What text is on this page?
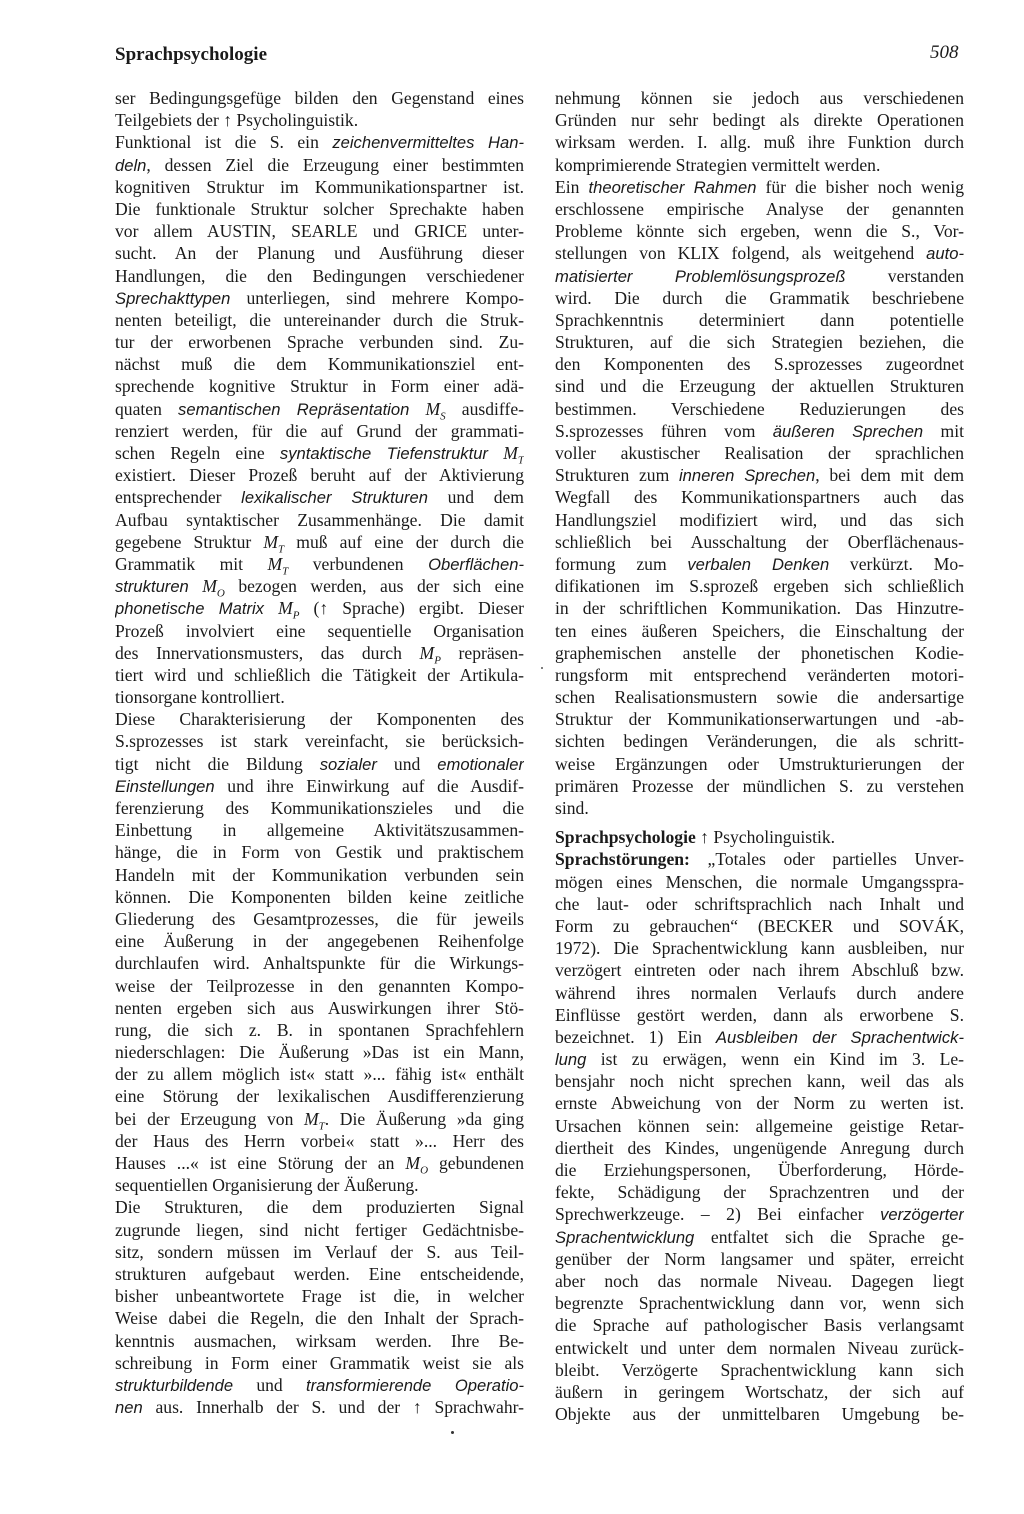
Sprachpsychologie	508
ser Bedingungsgefüge bilden den Gegenstand eines
Teilgebiets der ↑ Psycholinguistik.
Funktional ist die S. ein zeichenvermitteltes Han-
deln, dessen Ziel die Erzeugung einer bestimmten
kognitiven Struktur im Kommunikationspartner ist.
Die funktionale Struktur solcher Sprechakte haben
vor allem AUSTIN, SEARLE und GRICE unter-
sucht. An der Planung und Ausführung dieser
Handlungen, die den Bedingungen verschiedener
Sprechakttypen unterliegen, sind mehrere Kompo-
nenten beteiligt, die untereinander durch die Struk-
tur der erworbenen Sprache verbunden sind. Zu-
nächst muß die dem Kommunikationsziel ent-
sprechende kognitive Struktur in Form einer adä-
quaten semantischen Repräsentation $M_S$ ausdiffe-
renziert werden, für die auf Grund der grammati-
schen Regeln eine syntaktische Tiefenstruktur $M_T$
existiert. Dieser Prozeß beruht auf der Aktivierung
entsprechender lexikalischer Strukturen und dem
Aufbau syntaktischer Zusammenhänge. Die damit
gegebene Struktur $M_T$ muß auf eine der durch die
Grammatik mit $M_T$ verbundenen Oberflächen-
strukturen $M_O$ bezogen werden, aus der sich eine
phonetische Matrix $M_P$ (↑ Sprache) ergibt. Dieser
Prozeß involviert eine sequentielle Organisation
des Innervationsmusters, das durch $M_P$ repräsen-
tiert wird und schließlich die Tätigkeit der Artikula-
tionsorgane kontrolliert.
Diese Charakterisierung der Komponenten des
S.sprozesses ist stark vereinfacht, sie berücksich-
tigt nicht die Bildung sozialer und emotionaler
Einstellungen und ihre Einwirkung auf die Ausdif-
ferenzierung des Kommunikationszieles und die
Einbettung in allgemeine Aktivitätszusammen-
hänge, die in Form von Gestik und praktischem
Handeln mit der Kommunikation verbunden sein
können. Die Komponenten bilden keine zeitliche
Gliederung des Gesamtprozesses, die für jeweils
eine Äußerung in der angegebenen Reihenfolge
durchlaufen wird. Anhaltspunkte für die Wirkungs-
weise der Teilprozesse in den genannten Kompo-
nenten ergeben sich aus Auswirkungen ihrer Stö-
rung, die sich z. B. in spontanen Sprachfehlern
niederschlagen: Die Äußerung »Das ist ein Mann,
der zu allem möglich ist« statt »... fähig ist« enthält
eine Störung der lexikalischen Ausdifferenzierung
bei der Erzeugung von $M_T$. Die Äußerung »da ging
der Haus des Herrn vorbei« statt »... Herr des
Hauses ...« ist eine Störung der an $M_O$ gebundenen
sequentiellen Organisierung der Äußerung.
Die Strukturen, die dem produzierten Signal
zugrunde liegen, sind nicht fertiger Gedächtnisbe-
sitz, sondern müssen im Verlauf der S. aus Teil-
strukturen aufgebaut werden. Eine entscheidende,
bisher unbeantwortete Frage ist die, in welcher
Weise dabei die Regeln, die den Inhalt der Sprach-
kenntnis ausmachen, wirksam werden. Ihre Be-
schreibung in Form einer Grammatik weist sie als
strukturbildende und transformierende Operatio-
nen aus. Innerhalb der S. und der ↑ Sprachwahr-
nehmung können sie jedoch aus verschiedenen
Gründen nur sehr bedingt als direkte Operationen
wirksam werden. I. allg. muß ihre Funktion durch
komprimierende Strategien vermittelt werden.
Ein theoretischer Rahmen für die bisher noch wenig
erschlossene empirische Analyse der genannten
Probleme könnte sich ergeben, wenn die S., Vor-
stellungen von KLIX folgend, als weitgehend auto-
matisierter Problemlösungsprozeß verstanden
wird. Die durch die Grammatik beschriebene
Sprachkenntnis determiniert dann potentielle
Strukturen, auf die sich Strategien beziehen, die
den Komponenten des S.sprozesses zugeordnet
sind und die Erzeugung der aktuellen Strukturen
bestimmen. Verschiedene Reduzierungen des
S.sprozesses führen vom äußeren Sprechen mit
voller akustischer Realisation der sprachlichen
Strukturen zum inneren Sprechen, bei dem mit dem
Wegfall des Kommunikationspartners auch das
Handlungsziel modifiziert wird, und das sich
schließlich bei Ausschaltung der Oberflächenaus-
formung zum verbalen Denken verkürzt. Mo-
difikationen im S.sprozeß ergeben sich schließlich
in der schriftlichen Kommunikation. Das Hinzutre-
ten eines äußeren Speichers, die Einschaltung der
graphemischen anstelle der phonetischen Kodie-
rungsform mit entsprechend veränderten motori-
schen Realisationsmustern sowie die andersartige
Struktur der Kommunikationserwartungen und -ab-
sichten bedingen Veränderungen, die als schritt-
weise Ergänzungen oder Umstrukturierungen der
primären Prozesse der mündlichen S. zu verstehen
sind.
Sprachpsychologie ↑ Psycholinguistik.
Sprachstörungen: „Totales oder partielles Unver-
mögen eines Menschen, die normale Umgangsspra-
che laut- oder schriftsprachlich nach Inhalt und
Form zu gebrauchen“ (BECKER und SOVÁK,
1972). Die Sprachentwicklung kann ausbleiben, nur
verzögert eintreten oder nach ihrem Abschluß bzw.
während ihres normalen Verlaufs durch andere
Einflüsse gestört werden, dann als erworbene S.
bezeichnet. 1) Ein Ausbleiben der Sprachentwick-
lung ist zu erwägen, wenn ein Kind im 3. Le-
bensjahr noch nicht sprechen kann, weil das als
ernste Abweichung von der Norm zu werten ist.
Ursachen können sein: allgemeine geistige Retar-
diertheit des Kindes, ungenügende Anregung durch
die Erziehungspersonen, Überforderung, Hörde-
fekte, Schädigung der Sprachzentren und der
Sprechwerkzeuge. – 2) Bei einfacher verzögerter
Sprachentwicklung entfaltet sich die Sprache ge-
genüber der Norm langsamer und später, erreicht
aber noch das normale Niveau. Dagegen liegt
begrenzte Sprachentwicklung dann vor, wenn sich
die Sprache auf pathologischer Basis verlangsamt
entwickelt und unter dem normalen Niveau zurück-
bleibt. Verzögerte Sprachentwicklung kann sich
äußern in geringem Wortschatz, der sich auf
Objekte aus der unmittelbaren Umgebung be-
